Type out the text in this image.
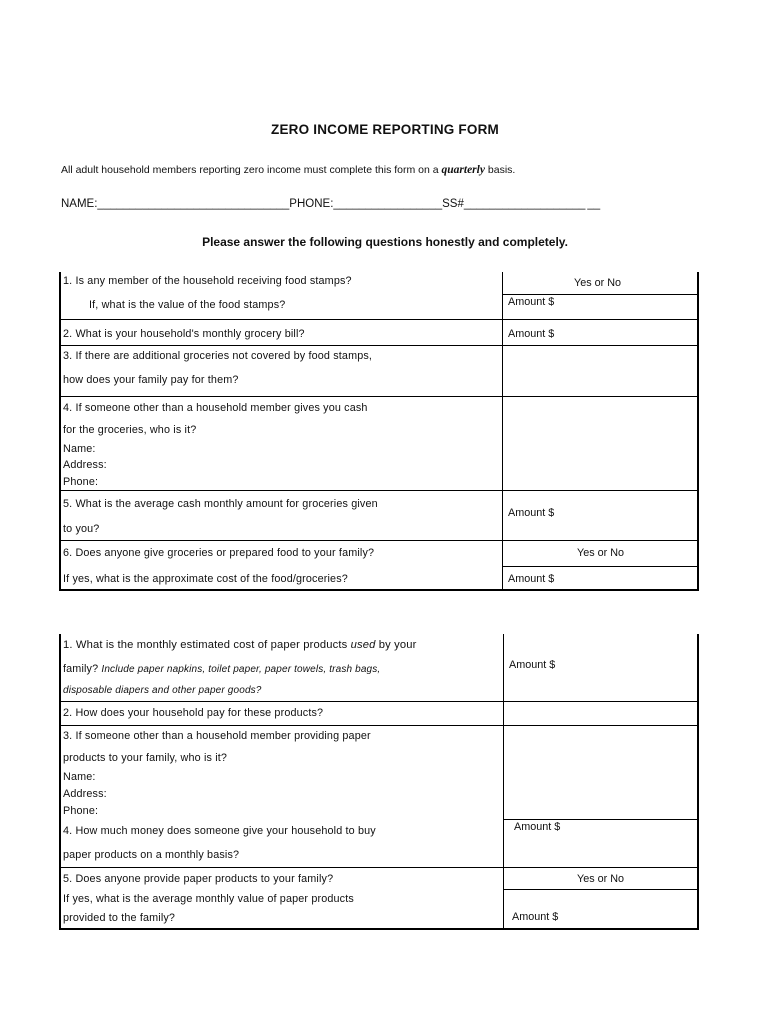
ZERO INCOME REPORTING FORM
All adult household members reporting zero income must complete this form on a quarterly basis.
NAME:______________________________PHONE:_________________SS#___________________ __
Please answer the following questions honestly and completely.
1. Is any member of the household receiving food stamps?
If, what is the value of the food stamps?
Yes or No
Amount $
2. What is your household's monthly grocery bill?	Amount $
3. If there are additional groceries not covered by food stamps,
how does your family pay for them?
4. If someone other than a household member gives you cash
for the groceries, who is it?
Name:
Address:
Phone:
5. What is the average cash monthly amount for groceries given
to you?
Amount $
6. Does anyone give groceries or prepared food to your family?
If yes, what is the approximate cost of the food/groceries?
Yes or No
Amount $
1. What is the monthly estimated cost of paper products used by your
family? Include paper napkins, toilet paper, paper towels, trash bags,
disposable diapers and other paper goods?
Amount $
2. How does your household pay for these products?
3. If someone other than a household member providing paper
products to your family, who is it?
Name:
Address:
Phone:
4. How much money does someone give your household to buy
paper products on a monthly basis?
Amount $
5. Does anyone provide paper products to your family?
If yes, what is the average monthly value of paper products
provided to the family?
Yes or No
Amount $
